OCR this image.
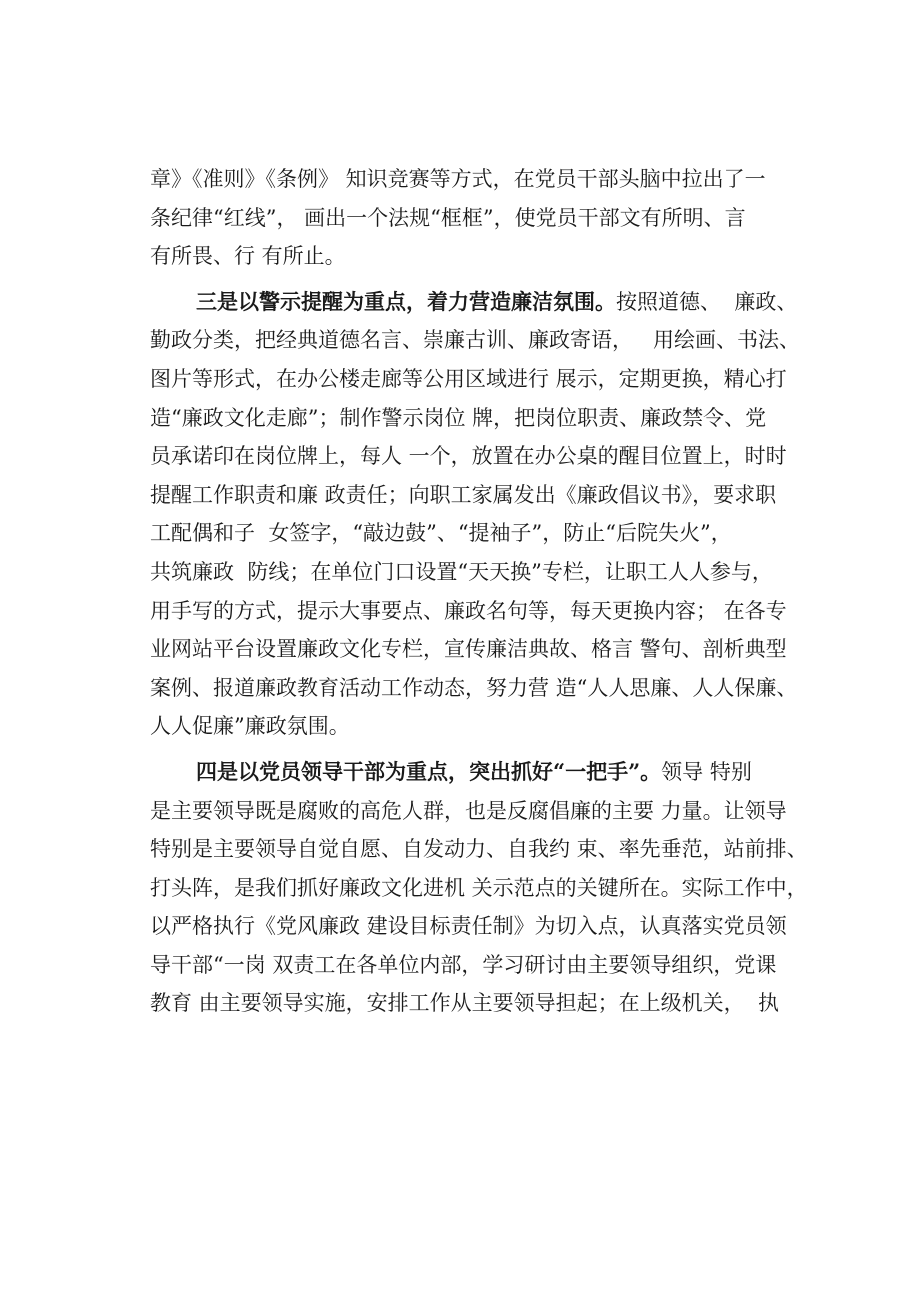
章》《准则》《条例》 知识竞赛等方式，在党员干部头脑中拉出了一
条纪律“红线”， 画出一个法规“框框”，使党员干部文有所明、言
有所畏、行 有所止。
三是以警示提醒为重点，着力营造廉洁氛围。按照道德、  廉政、
勤政分类，把经典道德名言、崇廉古训、廉政寄语，   用绘画、书法、
图片等形式，在办公楼走廊等公用区域进行 展示，定期更换，精心打
造“廉政文化走廊”；制作警示岗位 牌，把岗位职责、廉政禁令、党
员承诺印在岗位牌上，每人 一个，放置在办公桌的醒目位置上，时时
提醒工作职责和廉 政责任；向职工家属发出《廉政倡议书》，要求职
工配偶和子  女签字，“敲边鼓”、“提袖子”，防止“后院失火”，
共筑廉政  防线；在单位门口设置“天天换”专栏，让职工人人参与，
用手写的方式，提示大事要点、廉政名句等，每天更换内容； 在各专
业网站平台设置廉政文化专栏，宣传廉洁典故、格言 警句、剖析典型
案例、报道廉政教育活动工作动态，努力营 造“人人思廉、人人保廉、
人人促廉”廉政氛围。
四是以党员领导干部为重点，突出抓好“一把手”。领导 特别
是主要领导既是腐败的高危人群，也是反腐倡廉的主要 力量。让领导
特别是主要领导自觉自愿、自发动力、自我约 束、率先垂范，站前排、
打头阵，是我们抓好廉政文化进机 关示范点的关键所在。实际工作中，
以严格执行《党风廉政 建设目标责任制》为切入点，认真落实党员领
导干部“一岗 双责工在各单位内部，学习研讨由主要领导组织，党课
教育 由主要领导实施，安排工作从主要领导担起；在上级机关，  执
